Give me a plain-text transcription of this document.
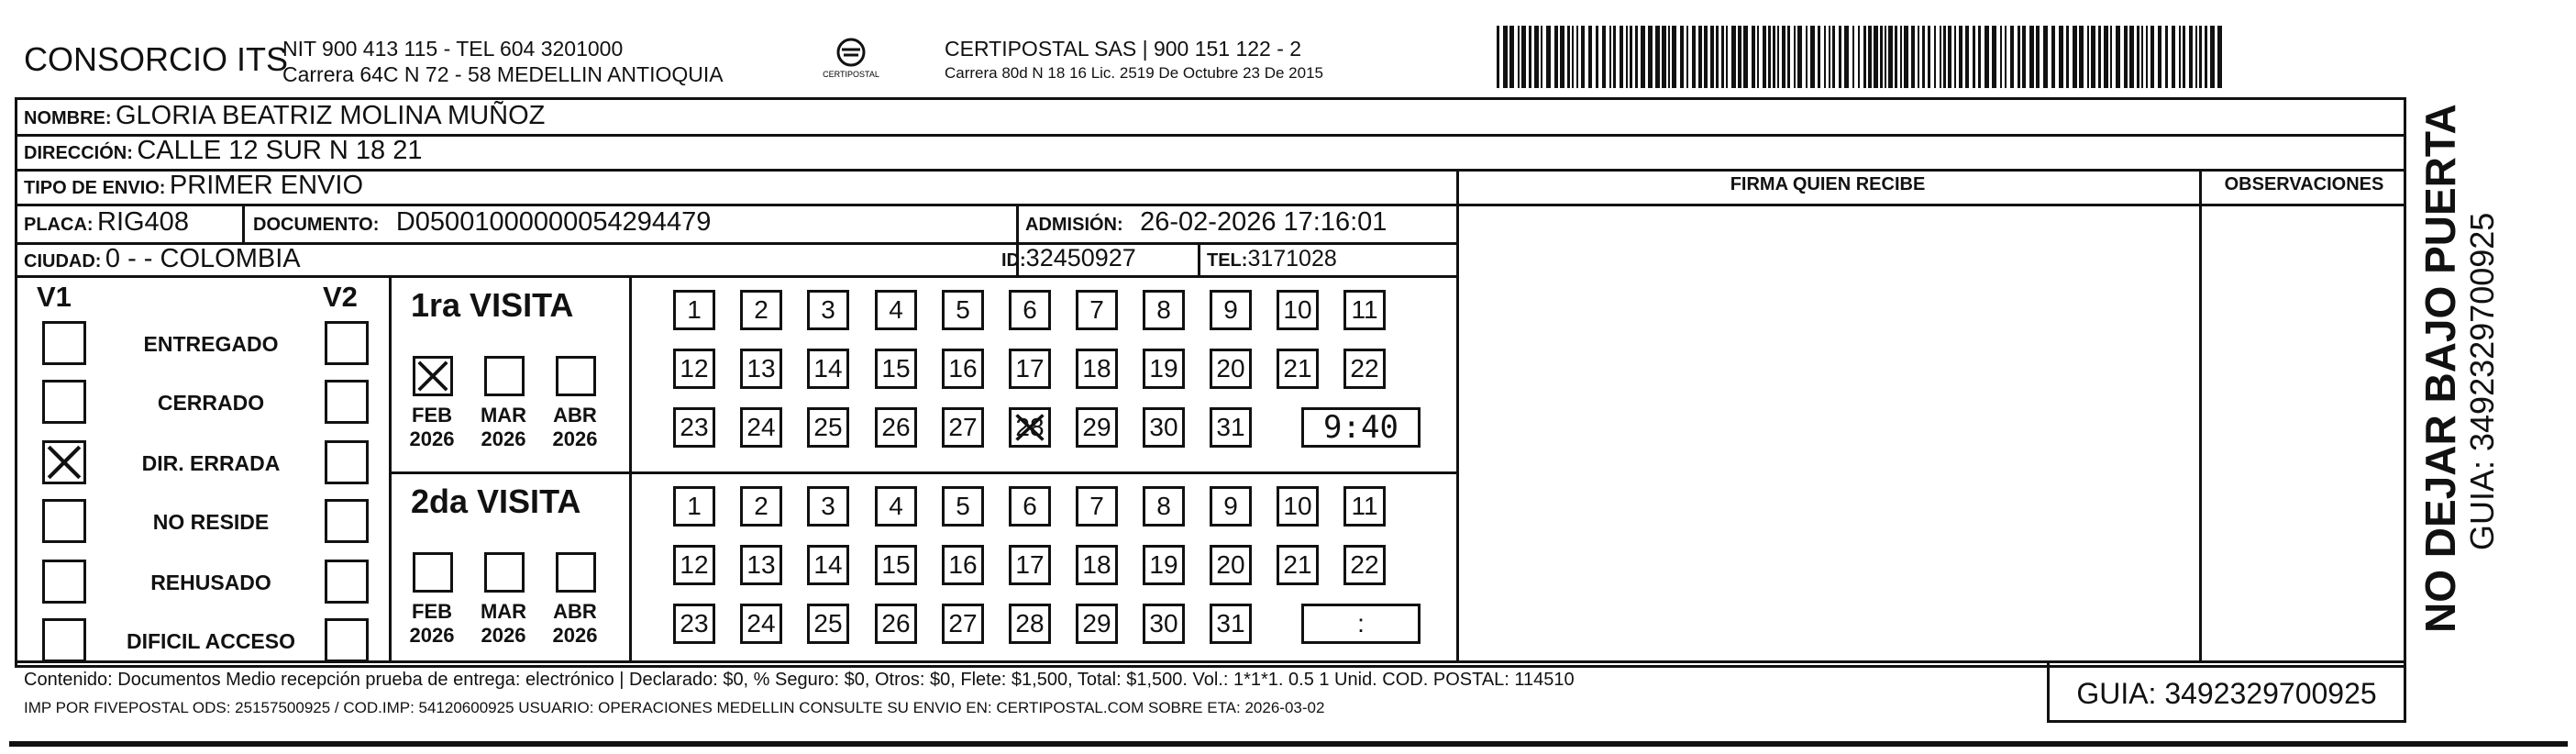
CONSORCIO ITS
NIT 900 413 115 - TEL 604 3201000
Carrera 64C N 72 - 58 MEDELLIN ANTIOQUIA	CERTIPOSTAL
CERTIPOSTAL SAS | 900 151 122 - 2
Carrera 80d N 18 16 Lic. 2519 De Octubre 23 De 2015
NOMBRE: GLORIA BEATRIZ MOLINA MUÑOZ
DIRECCIÓN: CALLE 12 SUR N 18 21
TIPO DE ENVIO: PRIMER ENVIO
PLACA: RIG408	DOCUMENTO: D05001000000054294479	ADMISIÓN: 26-02-2026 17:16:01
CIUDAD: 0 - - COLOMBIA	ID:32450927	TEL:3171028
FIRMA QUIEN RECIBE	OBSERVACIONES
V1	V2
ENTREGADO
CERRADO
DIR. ERRADA
NO RESIDE
REHUSADO
DIFICIL ACCESO
1ra VISITA
FEB
2026
MAR
2026
ABR
2026
1	2	3	4	5	6	7	8	9	10	11
12 13 14 15 16 17 18 19 20 21 22
23 24 25 26 27 28 29 30 31	9:40
2da VISITA
FEB
2026
MAR
2026
ABR
2026
1	2	3	4	5	6	7	8	9	10	11
12 13 14 15 16 17 18 19 20 21 22
23 24 25 26 27 28 29 30 31	:
Contenido: Documentos Medio recepción prueba de entrega: electrónico | Declarado: $0, % Seguro: $0, Otros: $0, Flete: $1,500, Total: $1,500. Vol.: 1*1*1. 0.5 1 Unid. COD. POSTAL: 114510
IMP POR FIVEPOSTAL ODS: 25157500925 / COD.IMP: 54120600925 USUARIO: OPERACIONES MEDELLIN CONSULTE SU ENVIO EN: CERTIPOSTAL.COM SOBRE ETA: 2026-03-02	GUIA: 3492329700925
NO DEJAR BAJO PUERTA GUIA: 3492329700925
